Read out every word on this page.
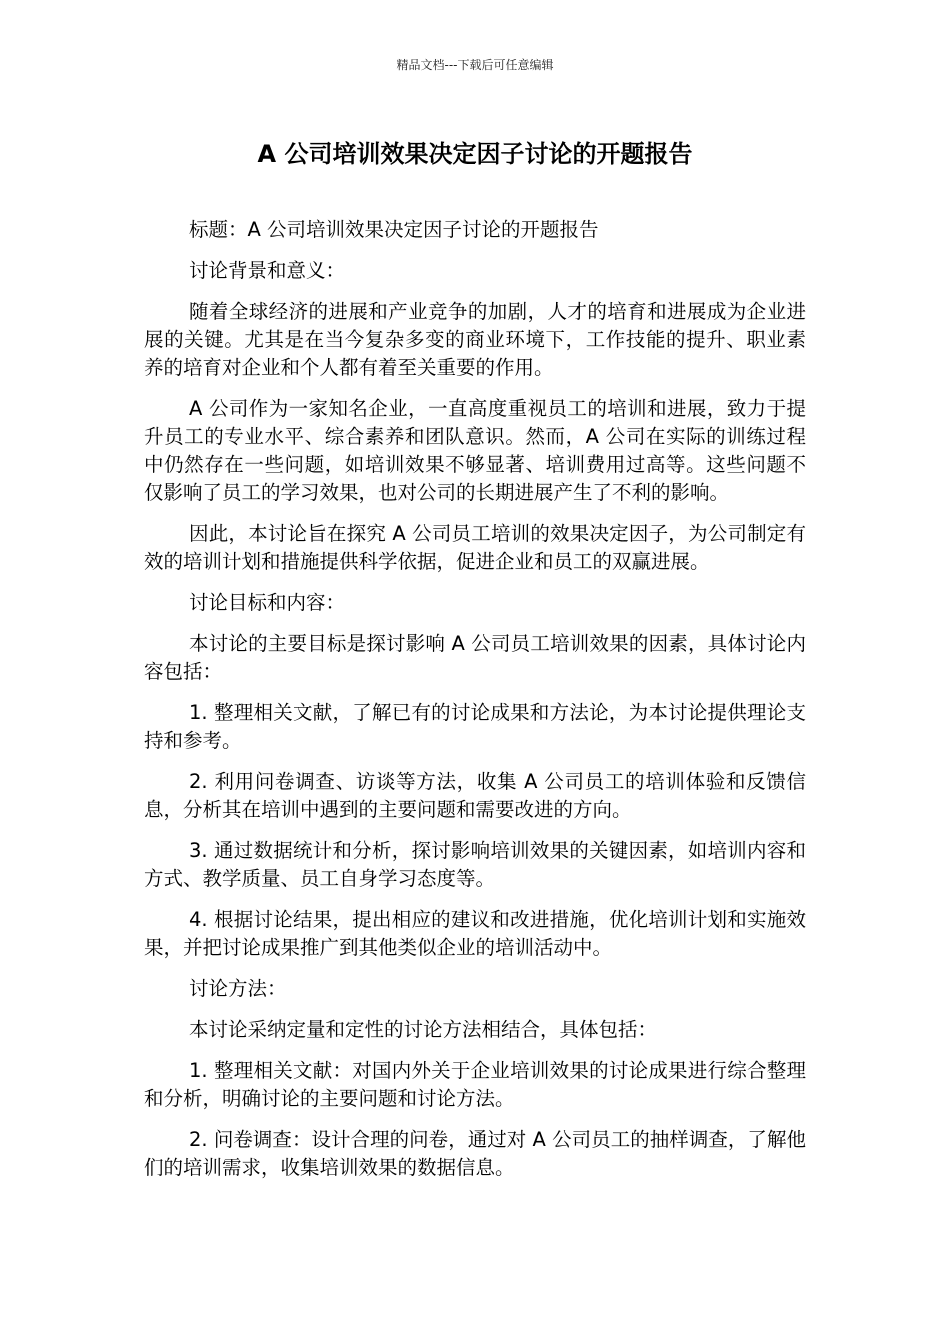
精品文档---下载后可任意编辑
A 公司培训效果决定因子讨论的开题报告

标题：A 公司培训效果决定因子讨论的开题报告

讨论背景和意义：

随着全球经济的进展和产业竞争的加剧，人才的培育和进展成为企业进展的关键。尤其是在当今复杂多变的商业环境下，工作技能的提升、职业素养的培育对企业和个人都有着至关重要的作用。

A 公司作为一家知名企业，一直高度重视员工的培训和进展，致力于提升员工的专业水平、综合素养和团队意识。然而，A 公司在实际的训练过程中仍然存在一些问题，如培训效果不够显著、培训费用过高等。这些问题不仅影响了员工的学习效果，也对公司的长期进展产生了不利的影响。

因此，本讨论旨在探究 A 公司员工培训的效果决定因子，为公司制定有效的培训计划和措施提供科学依据，促进企业和员工的双赢进展。

讨论目标和内容：

本讨论的主要目标是探讨影响 A 公司员工培训效果的因素，具体讨论内容包括：

1. 整理相关文献，了解已有的讨论成果和方法论，为本讨论提供理论支持和参考。

2. 利用问卷调查、访谈等方法，收集 A 公司员工的培训体验和反馈信息，分析其在培训中遇到的主要问题和需要改进的方向。

3. 通过数据统计和分析，探讨影响培训效果的关键因素，如培训内容和方式、教学质量、员工自身学习态度等。

4. 根据讨论结果，提出相应的建议和改进措施，优化培训计划和实施效果，并把讨论成果推广到其他类似企业的培训活动中。

讨论方法：

本讨论采纳定量和定性的讨论方法相结合，具体包括：

1. 整理相关文献：对国内外关于企业培训效果的讨论成果进行综合整理和分析，明确讨论的主要问题和讨论方法。

2. 问卷调查：设计合理的问卷，通过对 A 公司员工的抽样调查，了解他们的培训需求，收集培训效果的数据信息。
